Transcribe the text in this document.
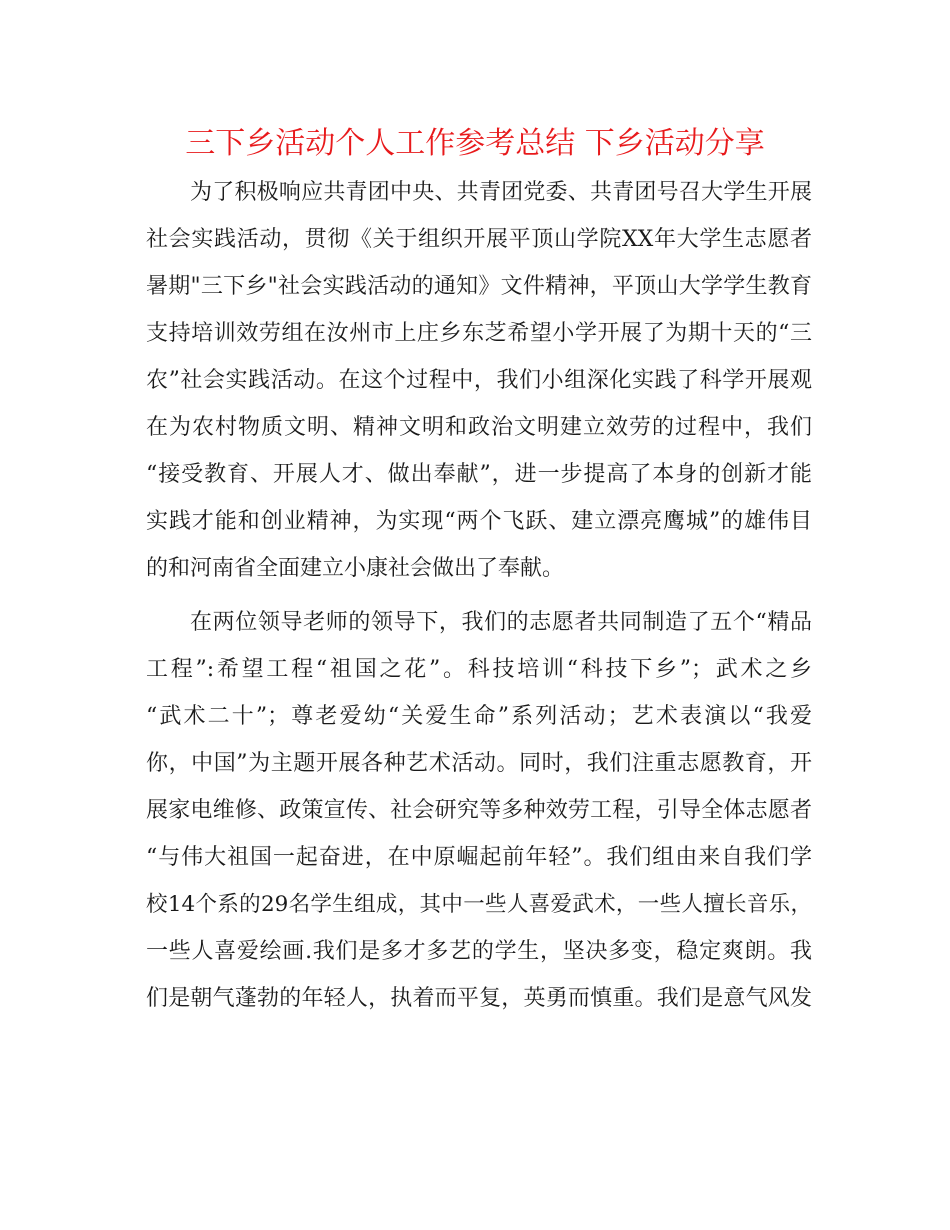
三下乡活动个人工作参考总结 下乡活动分享
为了积极响应共青团中央、共青团党委、共青团号召大学生开展
社会实践活动，贯彻《关于组织开展平顶山学院XX年大学生志愿者
暑期"三下乡"社会实践活动的通知》文件精神，平顶山大学学生教育
支持培训效劳组在汝州市上庄乡东芝希望小学开展了为期十天的“三
农”社会实践活动。在这个过程中，我们小组深化实践了科学开展观
在为农村物质文明、精神文明和政治文明建立效劳的过程中，我们
“接受教育、开展人才、做出奉献”，进一步提高了本身的创新才能
实践才能和创业精神，为实现“两个飞跃、建立漂亮鹰城”的雄伟目
的和河南省全面建立小康社会做出了奉献。
在两位领导老师的领导下，我们的志愿者共同制造了五个“精品
工程”:希望工程“祖国之花”。科技培训“科技下乡”；武术之乡
“武术二十”；尊老爱幼“关爱生命”系列活动；艺术表演以“我爱
你，中国”为主题开展各种艺术活动。同时，我们注重志愿教育，开
展家电维修、政策宣传、社会研究等多种效劳工程，引导全体志愿者
“与伟大祖国一起奋进，在中原崛起前年轻”。我们组由来自我们学
校14个系的29名学生组成，其中一些人喜爱武术，一些人擅长音乐，
一些人喜爱绘画.我们是多才多艺的学生，坚决多变，稳定爽朗。我
们是朝气蓬勃的年轻人，执着而平复，英勇而慎重。我们是意气风发
